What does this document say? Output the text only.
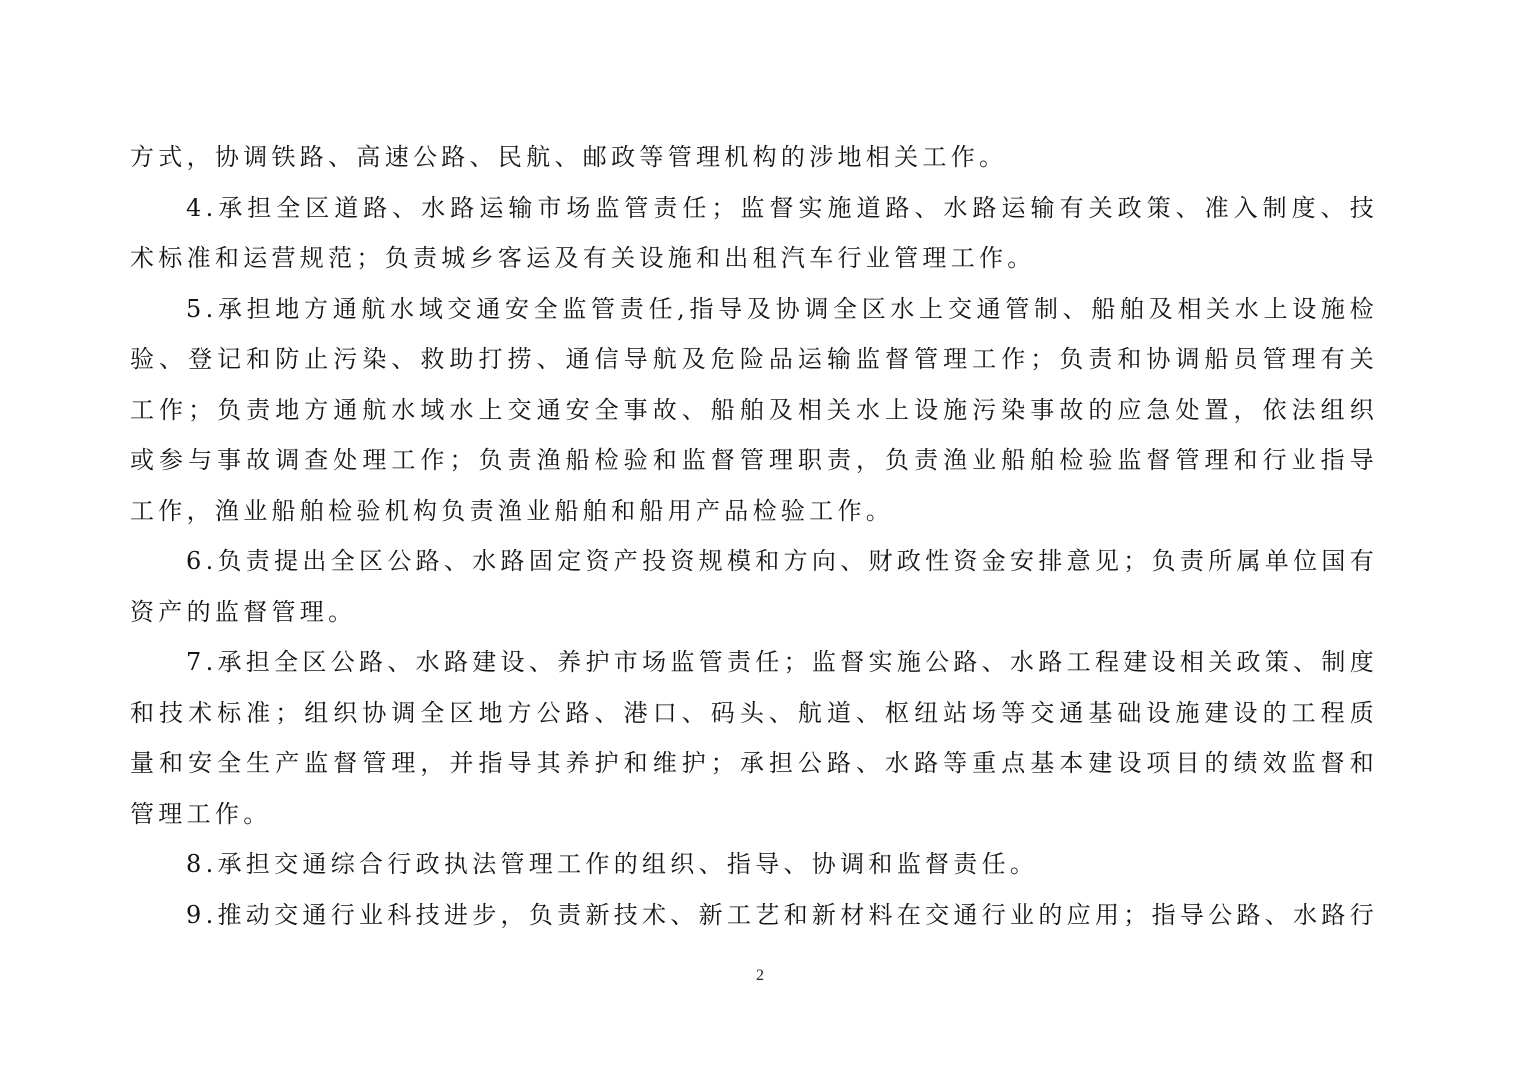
方式，协调铁路、高速公路、民航、邮政等管理机构的涉地相关工作。
4.承担全区道路、水路运输市场监管责任；监督实施道路、水路运输有关政策、准入制度、技
术标准和运营规范；负责城乡客运及有关设施和出租汽车行业管理工作。
5.承担地方通航水域交通安全监管责任,指导及协调全区水上交通管制、船舶及相关水上设施检
验、登记和防止污染、救助打捞、通信导航及危险品运输监督管理工作；负责和协调船员管理有关
工作；负责地方通航水域水上交通安全事故、船舶及相关水上设施污染事故的应急处置，依法组织
或参与事故调查处理工作；负责渔船检验和监督管理职责，负责渔业船舶检验监督管理和行业指导
工作，渔业船舶检验机构负责渔业船舶和船用产品检验工作。
6.负责提出全区公路、水路固定资产投资规模和方向、财政性资金安排意见；负责所属单位国有
资产的监督管理。
7.承担全区公路、水路建设、养护市场监管责任；监督实施公路、水路工程建设相关政策、制度
和技术标准；组织协调全区地方公路、港口、码头、航道、枢纽站场等交通基础设施建设的工程质
量和安全生产监督管理，并指导其养护和维护；承担公路、水路等重点基本建设项目的绩效监督和
管理工作。
8.承担交通综合行政执法管理工作的组织、指导、协调和监督责任。
9.推动交通行业科技进步，负责新技术、新工艺和新材料在交通行业的应用；指导公路、水路行
2
